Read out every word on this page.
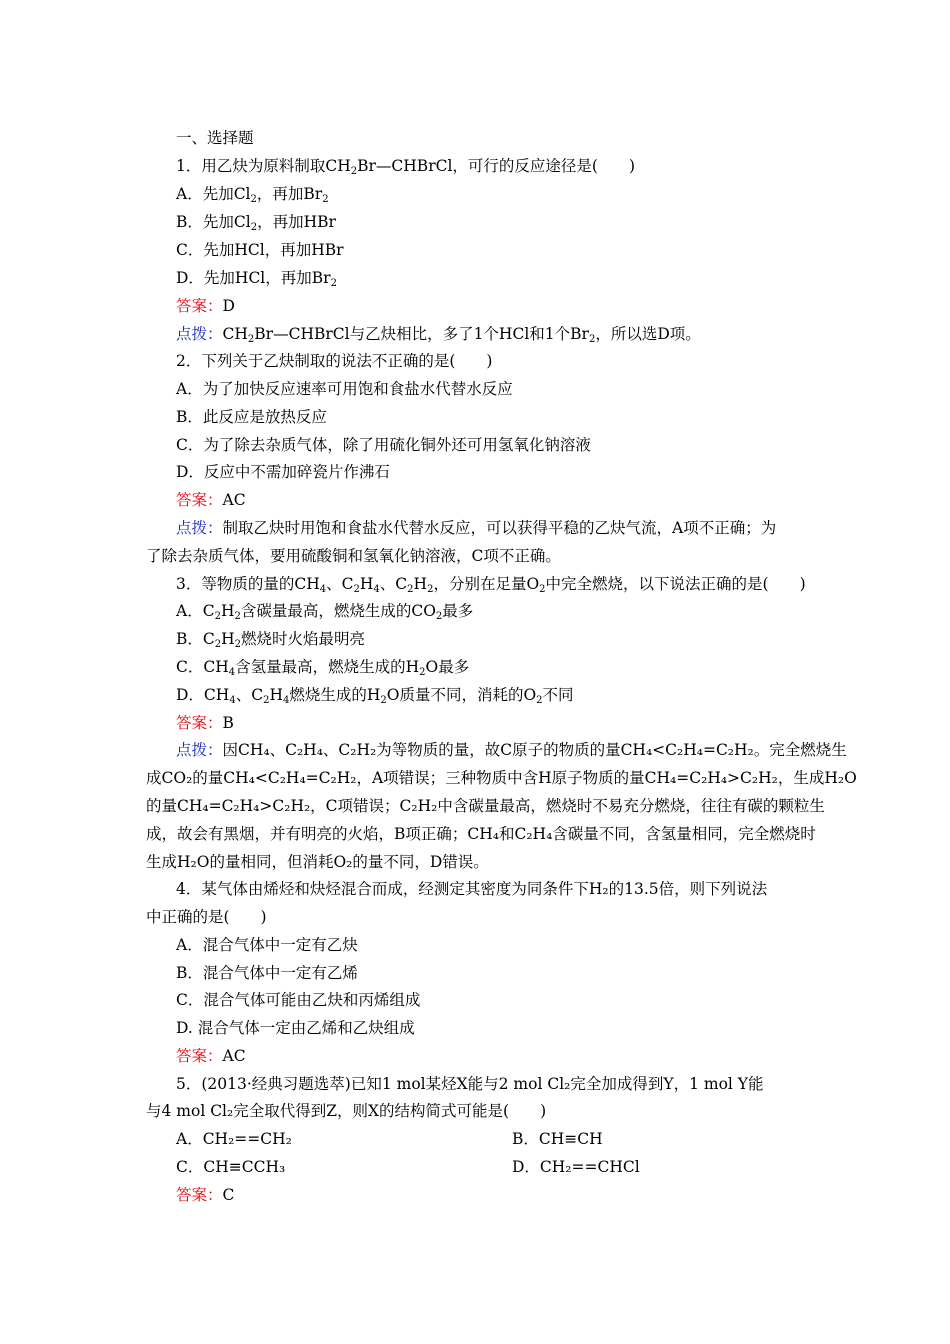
一、选择题
1．用乙炔为原料制取$CH_2Br—CHBrCl$，可行的反应途径是(　　)
A．先加$Cl_2$，再加$Br_2$
B．先加$Cl_2$，再加HBr
C．先加HCl，再加HBr
D．先加HCl，再加$Br_2$
答案：D
点拨：$CH_2Br—CHBrCl$与乙炔相比，多了1个HCl和1个$Br_2$，所以选D项。
2．下列关于乙炔制取的说法不正确的是(　　)
A．为了加快反应速率可用饱和食盐水代替水反应
B．此反应是放热反应
C．为了除去杂质气体，除了用硫化铜外还可用氢氧化钠溶液
D．反应中不需加碎瓷片作沸石
答案：AC
点拨：制取乙炔时用饱和食盐水代替水反应，可以获得平稳的乙炔气流，A项不正确；为
了除去杂质气体，要用硫酸铜和氢氧化钠溶液，C项不正确。
3．等物质的量的$CH_4$、$C_2H_4$、$C_2H_2$，分别在足量$O_2$中完全燃烧，以下说法正确的是(　　)
A．$C_2H_2$含碳量最高，燃烧生成的$CO_2$最多
B．$C_2H_2$燃烧时火焰最明亮
C．$CH_4$含氢量最高，燃烧生成的$H_2O$最多
D．$CH_4$、$C_2H_4$燃烧生成的$H_2O$质量不同，消耗的$O_2$不同
答案：B
点拨：因CH₄、C₂H₄、C₂H₂为等物质的量，故C原子的物质的量CH₄<C₂H₄=C₂H₂。完全燃烧生
成CO₂的量CH₄<C₂H₄=C₂H₂，A项错误；三种物质中含H原子物质的量CH₄=C₂H₄>C₂H₂，生成H₂O
的量CH₄=C₂H₄>C₂H₂，C项错误；C₂H₂中含碳量最高，燃烧时不易充分燃烧，往往有碳的颗粒生
成，故会有黑烟，并有明亮的火焰，B项正确；CH₄和C₂H₄含碳量不同，含氢量相同，完全燃烧时
生成H₂O的量相同，但消耗O₂的量不同，D错误。
4．某气体由烯烃和炔烃混合而成，经测定其密度为同条件下H₂的13.5倍，则下列说法
中正确的是(　　)
A．混合气体中一定有乙炔
B．混合气体中一定有乙烯
C．混合气体可能由乙炔和丙烯组成
D. 混合气体一定由乙烯和乙炔组成
答案：AC
5．(2013·经典习题选萃)已知1 mol某烃X能与2 mol Cl₂完全加成得到Y，1 mol Y能
与4 mol Cl₂完全取代得到Z，则X的结构简式可能是(　　)
A．CH₂==CH₂	B．CH≡CH
C．CH≡CCH₃	D．CH₂==CHCl
答案：C
